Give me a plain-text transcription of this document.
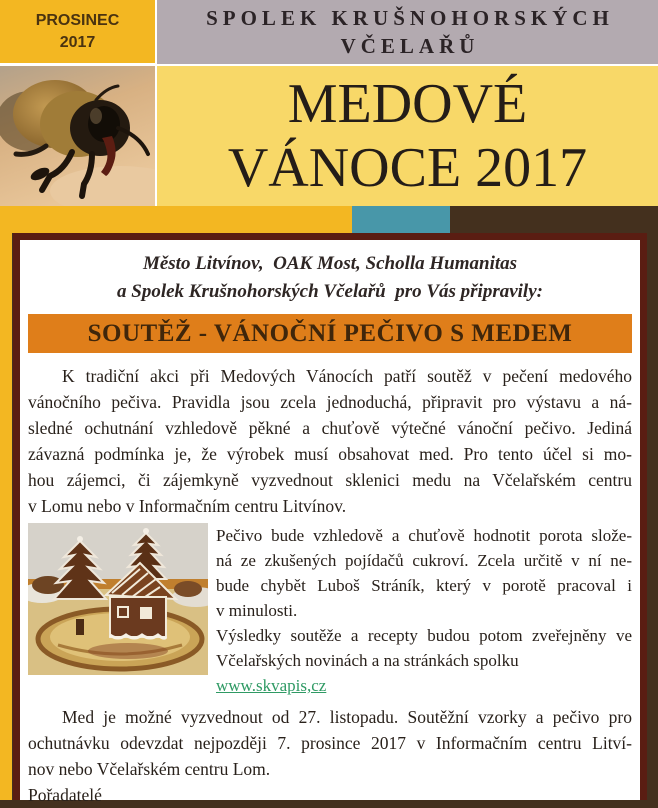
PROSINEC
2017
SPOLEK KRUŠNOHORSKÝCH
VČELAŘŮ
MEDOVÉ
VÁNOCE 2017
Město Litvínov,  OAK Most, Scholla Humanitas
a Spolek Krušnohorských Včelařů  pro Vás připravily:
SOUTĚŽ - VÁNOČNÍ PEČIVO S MEDEM
K tradiční akci při Medových Vánocích patří soutěž v pečení medového
vánočního pečiva. Pravidla jsou zcela jednoduchá, připravit pro výstavu a ná-
sledné ochutnání vzhledově pěkné a chuťově výtečné vánoční pečivo. Jediná
závazná podmínka je, že výrobek musí obsahovat med. Pro tento účel si mo-
hou zájemci, či zájemkyně vyzvednout sklenici medu na Včelařském centru
v Lomu nebo v Informačním centru Litvínov.
Pečivo bude vzhledově a chuťově hodnotit porota slože-
ná ze zkušených pojídačů cukroví. Zcela určitě v ní ne-
bude chybět Luboš Stráník, který v porotě pracoval i
v minulosti.
Výsledky soutěže a recepty budou potom zveřejněny ve
Včelařských novinách a na stránkách spolku
www.skvapis,cz
Med je možné vyzvednout od 27. listopadu. Soutěžní vzorky a pečivo pro
ochutnávku odevzdat nejpozději 7. prosince 2017 v Informačním centru Litví-
nov nebo Včelařském centru Lom.
Pořadatelé
